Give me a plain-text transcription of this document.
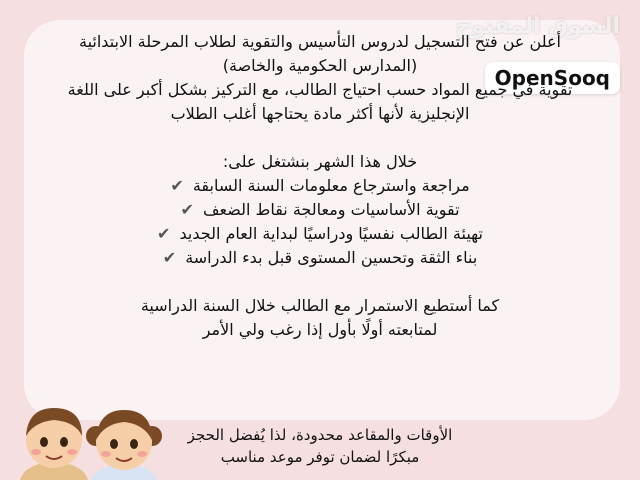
السوق المفتوح
OpenSooq

أعلن عن فتح التسجيل لدروس التأسيس والتقوية لطلاب المرحلة الابتدائية

(المدارس الحكومية والخاصة)

تقوية في جميع المواد حسب احتياج الطالب، مع التركيز بشكل أكبر على اللغة

الإنجليزية لأنها أكثر مادة يحتاجها أغلب الطلاب

خلال هذا الشهر بنشتغل على:

مراجعة واسترجاع معلومات السنة السابقة ✔

تقوية الأساسيات ومعالجة نقاط الضعف ✔

تهيئة الطالب نفسيًا ودراسيًا لبداية العام الجديد ✔

بناء الثقة وتحسين المستوى قبل بدء الدراسة ✔

كما أستطيع الاستمرار مع الطالب خلال السنة الدراسية

لمتابعته أولًا بأول إذا رغب ولي الأمر

الأوقات والمقاعد محدودة، لذا يُفضل الحجز

مبكرًا لضمان توفر موعد مناسب
